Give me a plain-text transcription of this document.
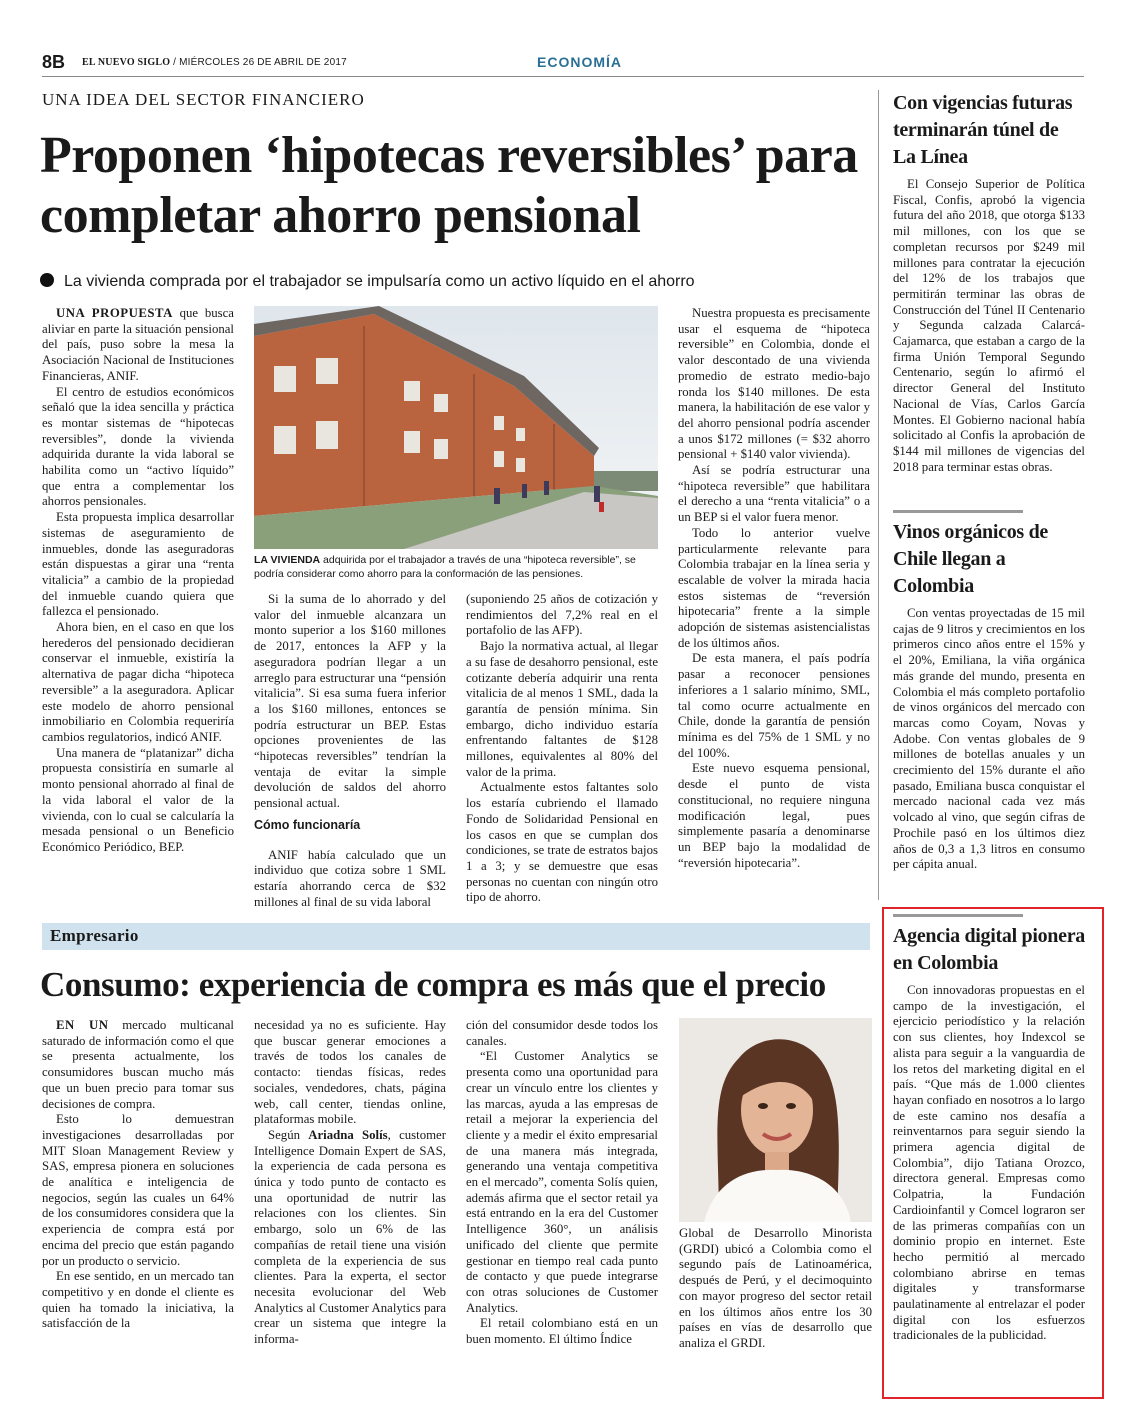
8B EL NUEVO SIGLO / MIÉRCOLES 26 DE ABRIL DE 2017	ECONOMÍA
UNA IDEA DEL SECTOR FINANCIERO
Proponen ‘hipotecas reversibles’ para completar ahorro pensional
La vivienda comprada por el trabajador se impulsaría como un activo líquido en el ahorro

UNA PROPUESTA que busca aliviar en parte la situación pensional del país, puso sobre la mesa la Asociación Nacional de Instituciones Financieras, ANIF.

El centro de estudios económicos señaló que la idea sencilla y práctica es montar sistemas de “hipotecas reversibles”, donde la vivienda adquirida durante la vida laboral se habilita como un “activo líquido” que entra a complementar los ahorros pensionales.

Esta propuesta implica desarrollar sistemas de aseguramiento de inmuebles, donde las aseguradoras están dispuestas a girar una “renta vitalicia” a cambio de la propiedad del inmueble cuando quiera que fallezca el pensionado.

Ahora bien, en el caso en que los herederos del pensionado decidieran conservar el inmueble, existiría la alternativa de pagar dicha “hipoteca reversible” a la aseguradora. Aplicar este modelo de ahorro pensional inmobiliario en Colombia requeriría cambios regulatorios, indicó ANIF.

Una manera de “platanizar” dicha propuesta consistiría en sumarle al monto pensional ahorrado al final de la vida laboral el valor de la vivienda, con lo cual se calcularía la mesada pensional o un Beneficio Económico Periódico, BEP.

LA VIVIENDA adquirida por el trabajador a través de una “hipoteca reversible”, se podría considerar como ahorro para la conformación de las pensiones.

Si la suma de lo ahorrado y del valor del inmueble alcanzara un monto superior a los $160 millones de 2017, entonces la AFP y la aseguradora podrían llegar a un arreglo para estructurar una “pensión vitalicia”. Si esa suma fuera inferior a los $160 millones, entonces se podría estructurar un BEP. Estas opciones provenientes de las “hipotecas reversibles” tendrían la ventaja de evitar la simple devolución de saldos del ahorro pensional actual.

Cómo funcionaría

ANIF había calculado que un individuo que cotiza sobre 1 SML estaría ahorrando cerca de $32 millones al final de su vida laboral

(suponiendo 25 años de cotización y rendimientos del 7,2% real en el portafolio de las AFP).

Bajo la normativa actual, al llegar a su fase de desahorro pensional, este cotizante debería adquirir una renta vitalicia de al menos 1 SML, dada la garantía de pensión mínima. Sin embargo, dicho individuo estaría enfrentando faltantes de $128 millones, equivalentes al 80% del valor de la prima.

Actualmente estos faltantes solo los estaría cubriendo el llamado Fondo de Solidaridad Pensional en los casos en que se cumplan dos condiciones, se trate de estratos bajos 1 a 3; y se demuestre que esas personas no cuentan con ningún otro tipo de ahorro.

Nuestra propuesta es precisamente usar el esquema de “hipoteca reversible” en Colombia, donde el valor descontado de una vivienda promedio de estrato medio-bajo ronda los $140 millones. De esta manera, la habilitación de ese valor y del ahorro pensional podría ascender a unos $172 millones (= $32 ahorro pensional + $140 valor vivienda).

Así se podría estructurar una “hipoteca reversible” que habilitara el derecho a una “renta vitalicia” o a un BEP si el valor fuera menor.

Todo lo anterior vuelve particularmente relevante para Colombia trabajar en la línea seria y escalable de volver la mirada hacia estos sistemas de “reversión hipotecaria” frente a la simple adopción de sistemas asistencialistas de los últimos años.

De esta manera, el país podría pasar a reconocer pensiones inferiores a 1 salario mínimo, SML, tal como ocurre actualmente en Chile, donde la garantía de pensión mínima es del 75% de 1 SML y no del 100%.

Este nuevo esquema pensional, desde el punto de vista constitucional, no requiere ninguna modificación legal, pues simplemente pasaría a denominarse un BEP bajo la modalidad de “reversión hipotecaria”.

Con vigencias futuras terminarán túnel de La Línea

El Consejo Superior de Política Fiscal, Confis, aprobó la vigencia futura del año 2018, que otorga $133 mil millones, con los que se completan recursos por $249 mil millones para contratar la ejecución del 12% de los trabajos que permitirán terminar las obras de Construcción del Túnel II Centenario y Segunda calzada Calarcá-Cajamarca, que estaban a cargo de la firma Unión Temporal Segundo Centenario, según lo afirmó el director General del Instituto Nacional de Vías, Carlos García Montes. El Gobierno nacional había solicitado al Confis la aprobación de $144 mil millones de vigencias del 2018 para terminar estas obras.

Vinos orgánicos de Chile llegan a Colombia

Con ventas proyectadas de 15 mil cajas de 9 litros y crecimientos en los primeros cinco años entre el 15% y el 20%, Emiliana, la viña orgánica más grande del mundo, presenta en Colombia el más completo portafolio de vinos orgánicos del mercado con marcas como Coyam, Novas y Adobe. Con ventas globales de 9 millones de botellas anuales y un crecimiento del 15% durante el año pasado, Emiliana busca conquistar el mercado nacional cada vez más volcado al vino, que según cifras de Prochile pasó en los últimos diez años de 0,3 a 1,3 litros en consumo per cápita anual.

Agencia digital pionera en Colombia

Con innovadoras propuestas en el campo de la investigación, el ejercicio periodístico y la relación con sus clientes, hoy Indexcol se alista para seguir a la vanguardia de los retos del marketing digital en el país. “Que más de 1.000 clientes hayan confiado en nosotros a lo largo de este camino nos desafía a reinventarnos para seguir siendo la primera agencia digital de Colombia”, dijo Tatiana Orozco, directora general. Empresas como Colpatria, la Fundación Cardioinfantil y Comcel lograron ser de las primeras compañías con un dominio propio en internet. Este hecho permitió al mercado colombiano abrirse en temas digitales y transformarse paulatinamente al entrelazar el poder digital con los esfuerzos tradicionales de la publicidad.

Empresario
Consumo: experiencia de compra es más que el precio

EN UN mercado multicanal saturado de información como el que se presenta actualmente, los consumidores buscan mucho más que un buen precio para tomar sus decisiones de compra.

Esto lo demuestran investigaciones desarrolladas por MIT Sloan Management Review y SAS, empresa pionera en soluciones de analítica e inteligencia de negocios, según las cuales un 64% de los consumidores considera que la experiencia de compra está por encima del precio que están pagando por un producto o servicio.

En ese sentido, en un mercado tan competitivo y en donde el cliente es quien ha tomado la iniciativa, la satisfacción de la

necesidad ya no es suficiente. Hay que buscar generar emociones a través de todos los canales de contacto: tiendas físicas, redes sociales, vendedores, chats, página web, call center, tiendas online, plataformas mobile.

Según Ariadna Solís, customer Intelligence Domain Expert de SAS, la experiencia de cada persona es única y todo punto de contacto es una oportunidad de nutrir las relaciones con los clientes. Sin embargo, solo un 6% de las compañías de retail tiene una visión completa de la experiencia de sus clientes. Para la experta, el sector necesita evolucionar del Web Analytics al Customer Analytics para crear un sistema que integre la informa-

ción del consumidor desde todos los canales.

“El Customer Analytics se presenta como una oportunidad para crear un vínculo entre los clientes y las marcas, ayuda a las empresas de retail a mejorar la experiencia del cliente y a medir el éxito empresarial de una manera más integrada, generando una ventaja competitiva en el mercado”, comenta Solís quien, además afirma que el sector retail ya está entrando en la era del Customer Intelligence 360°, un análisis unificado del cliente que permite gestionar en tiempo real cada punto de contacto y que puede integrarse con otras soluciones de Customer Analytics.

El retail colombiano está en un buen momento. El último Índice

Global de Desarrollo Minorista (GRDI) ubicó a Colombia como el segundo país de Latinoamérica, después de Perú, y el decimoquinto con mayor progreso del sector retail en los últimos años entre los 30 países en vías de desarrollo que analiza el GRDI.
